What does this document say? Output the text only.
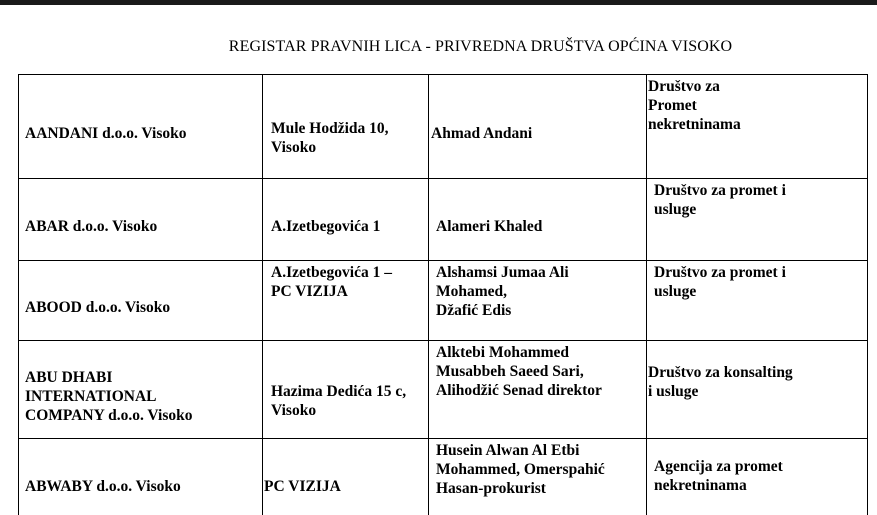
REGISTAR PRAVNIH LICA - PRIVREDNA DRUŠTVA OPĆINA VISOKO
AANDANI d.o.o. Visoko	Mule Hodžida 10,
Visoko	Ahmad Andani	Društvo za
Promet
nekretninama

ABAR d.o.o. Visoko	A.Izetbegovića 1	Alameri Khaled	Društvo za promet i
usluge

ABOOD d.o.o. Visoko	A.Izetbegovića 1 –
PC VIZIJA	Alshamsi Jumaa Ali
Mohamed,
Džafić Edis	Društvo za promet i
usluge

ABU DHABI
INTERNATIONAL
COMPANY d.o.o. Visoko	Hazima Dedića 15 c,
Visoko	Alktebi Mohammed
Musabbeh Saeed Sari,
Alihodžić Senad direktor	Društvo za konsalting
i usluge

ABWABY d.o.o. Visoko	PC VIZIJA	Husein Alwan Al Etbi
Mohammed, Omerspahić
Hasan-prokurist	Agencija za promet
nekretninama
